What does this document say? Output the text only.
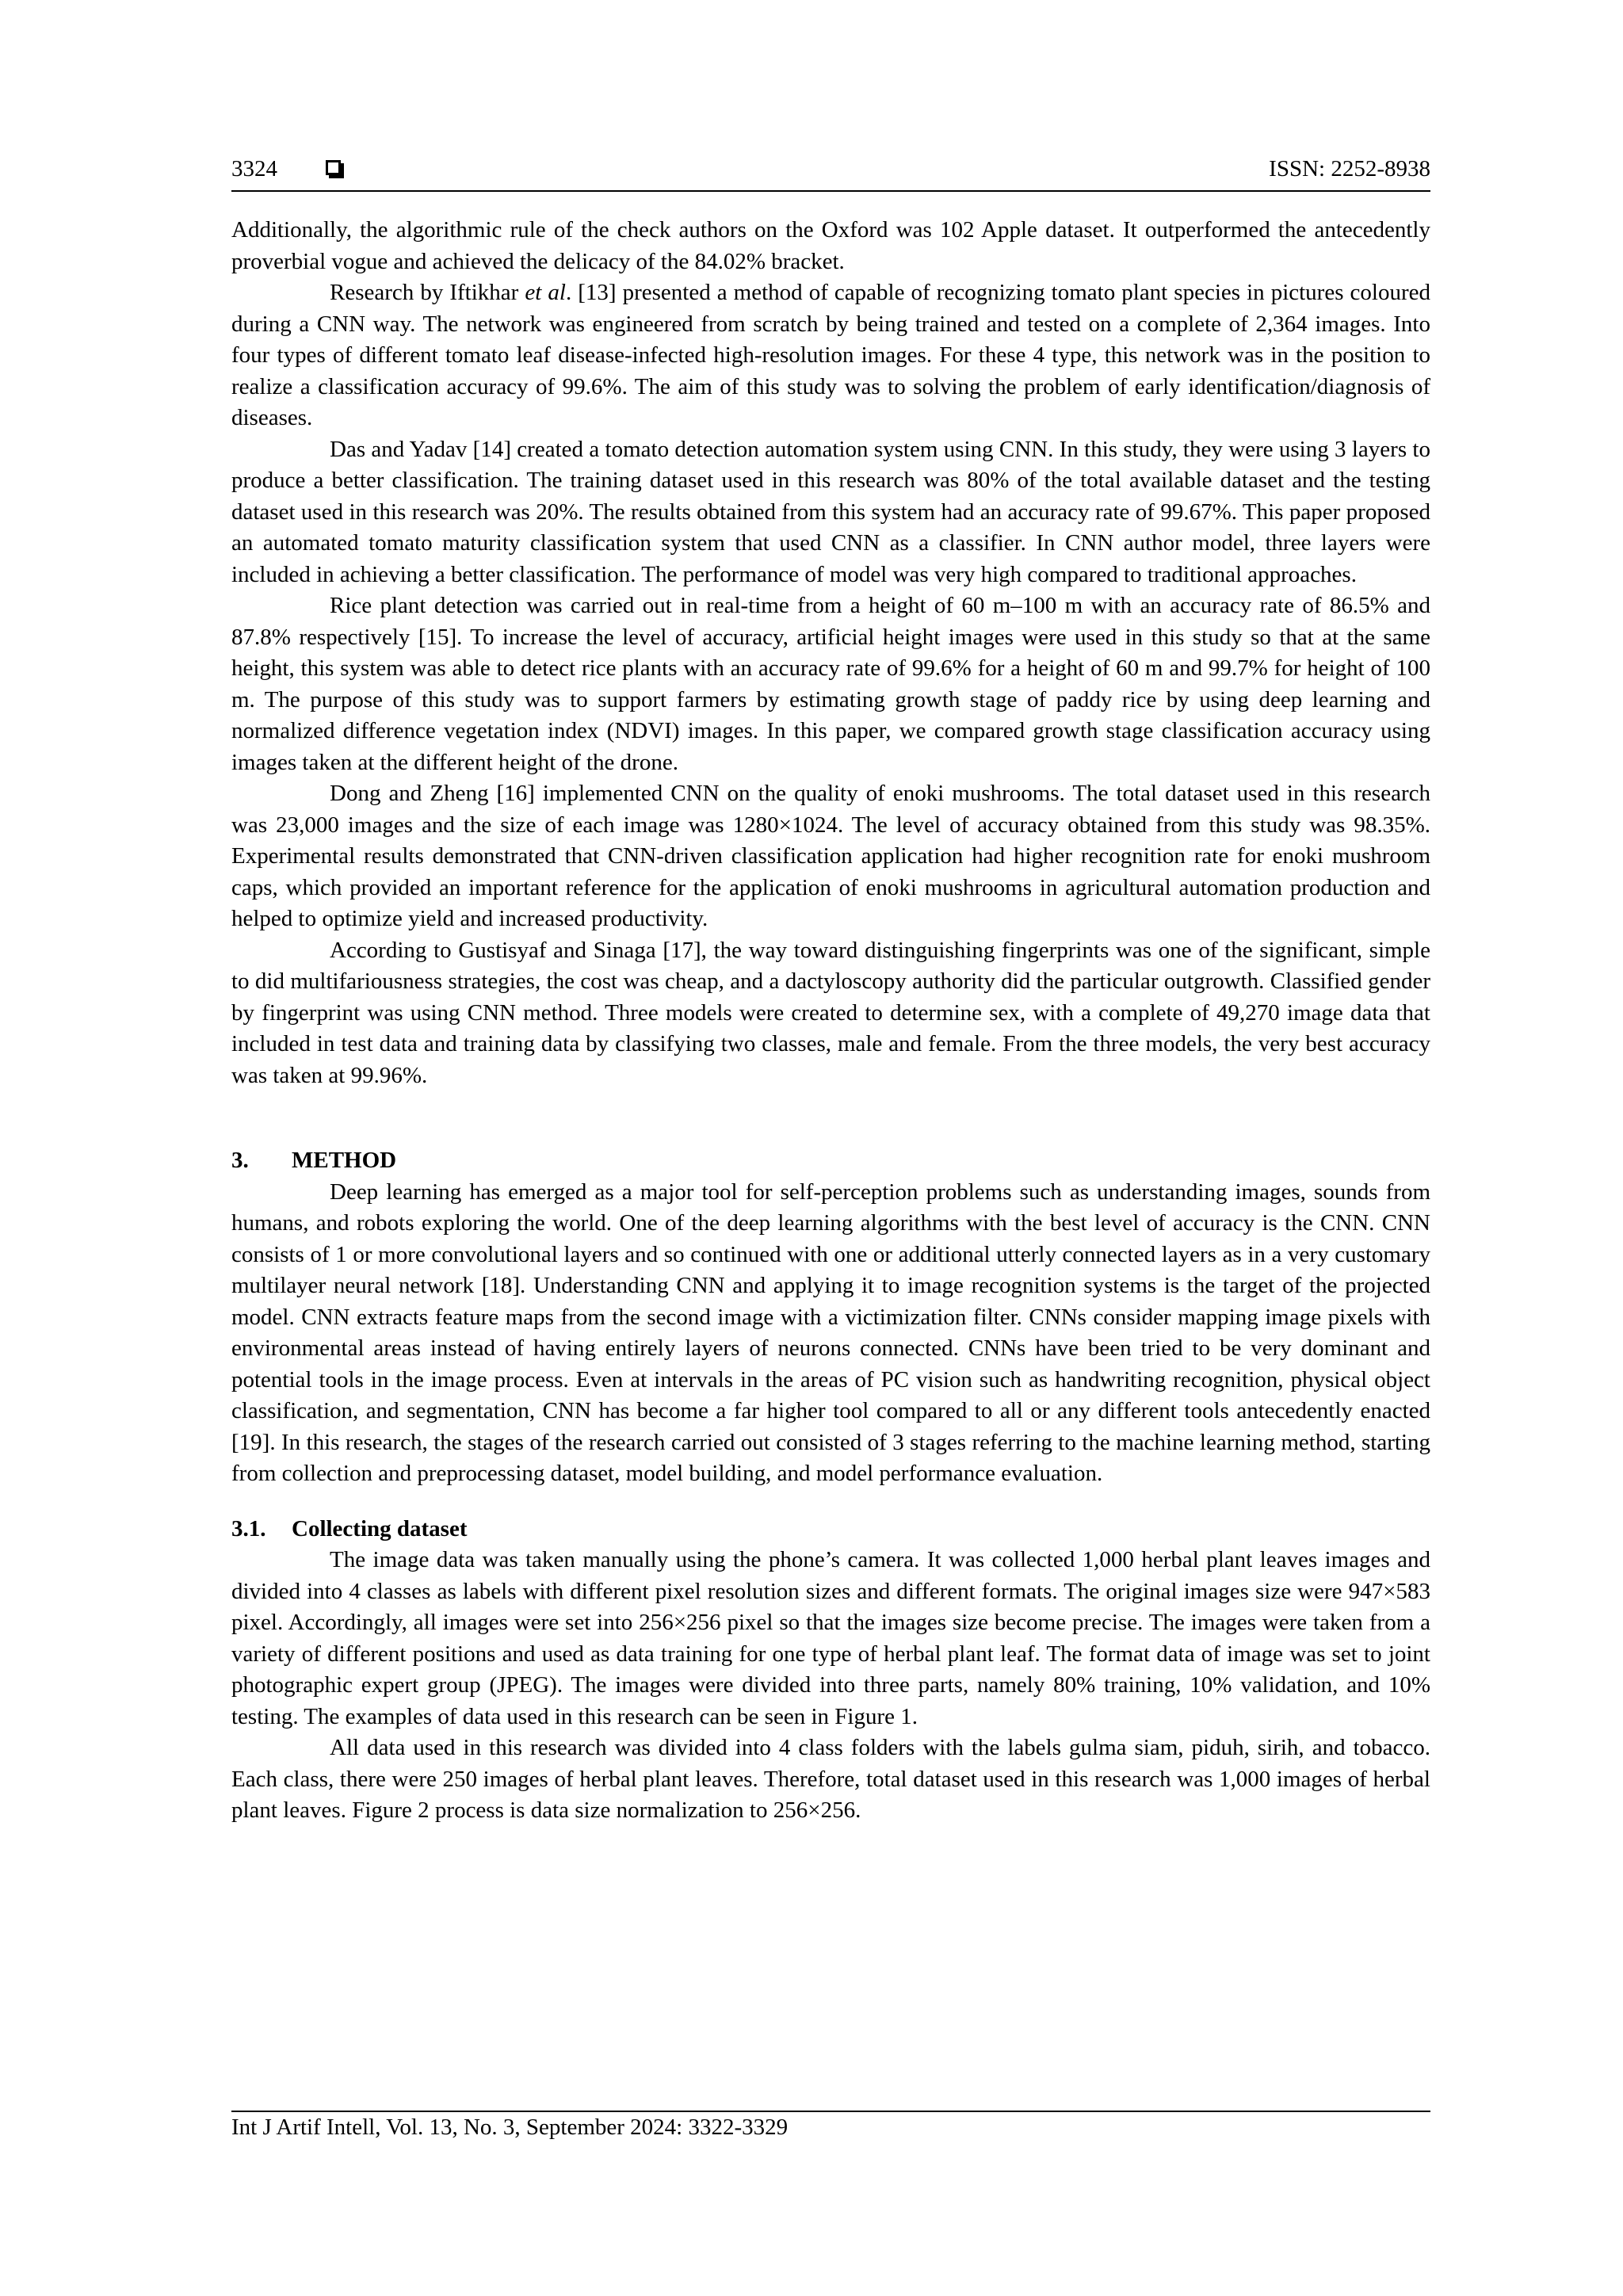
3324	ISSN: 2252-8938

Additionally, the algorithmic rule of the check authors on the Oxford was 102 Apple dataset. It outperformed the antecedently proverbial vogue and achieved the delicacy of the 84.02% bracket.

Research by Iftikhar et al. [13] presented a method of capable of recognizing tomato plant species in pictures coloured during a CNN way. The network was engineered from scratch by being trained and tested on a complete of 2,364 images. Into four types of different tomato leaf disease-infected high-resolution images. For these 4 type, this network was in the position to realize a classification accuracy of 99.6%. The aim of this study was to solving the problem of early identification/diagnosis of diseases.

Das and Yadav [14] created a tomato detection automation system using CNN. In this study, they were using 3 layers to produce a better classification. The training dataset used in this research was 80% of the total available dataset and the testing dataset used in this research was 20%. The results obtained from this system had an accuracy rate of 99.67%. This paper proposed an automated tomato maturity classification system that used CNN as a classifier. In CNN author model, three layers were included in achieving a better classification. The performance of model was very high compared to traditional approaches.

Rice plant detection was carried out in real-time from a height of 60 m–100 m with an accuracy rate of 86.5% and 87.8% respectively [15]. To increase the level of accuracy, artificial height images were used in this study so that at the same height, this system was able to detect rice plants with an accuracy rate of 99.6% for a height of 60 m and 99.7% for height of 100 m. The purpose of this study was to support farmers by estimating growth stage of paddy rice by using deep learning and normalized difference vegetation index (NDVI) images. In this paper, we compared growth stage classification accuracy using images taken at the different height of the drone.

Dong and Zheng [16] implemented CNN on the quality of enoki mushrooms. The total dataset used in this research was 23,000 images and the size of each image was 1280×1024. The level of accuracy obtained from this study was 98.35%. Experimental results demonstrated that CNN-driven classification application had higher recognition rate for enoki mushroom caps, which provided an important reference for the application of enoki mushrooms in agricultural automation production and helped to optimize yield and increased productivity.

According to Gustisyaf and Sinaga [17], the way toward distinguishing fingerprints was one of the significant, simple to did multifariousness strategies, the cost was cheap, and a dactyloscopy authority did the particular outgrowth. Classified gender by fingerprint was using CNN method. Three models were created to determine sex, with a complete of 49,270 image data that included in test data and training data by classifying two classes, male and female. From the three models, the very best accuracy was taken at 99.96%.

3. METHOD

Deep learning has emerged as a major tool for self-perception problems such as understanding images, sounds from humans, and robots exploring the world. One of the deep learning algorithms with the best level of accuracy is the CNN. CNN consists of 1 or more convolutional layers and so continued with one or additional utterly connected layers as in a very customary multilayer neural network [18]. Understanding CNN and applying it to image recognition systems is the target of the projected model. CNN extracts feature maps from the second image with a victimization filter. CNNs consider mapping image pixels with environmental areas instead of having entirely layers of neurons connected. CNNs have been tried to be very dominant and potential tools in the image process. Even at intervals in the areas of PC vision such as handwriting recognition, physical object classification, and segmentation, CNN has become a far higher tool compared to all or any different tools antecedently enacted [19]. In this research, the stages of the research carried out consisted of 3 stages referring to the machine learning method, starting from collection and preprocessing dataset, model building, and model performance evaluation.

3.1. Collecting dataset

The image data was taken manually using the phone’s camera. It was collected 1,000 herbal plant leaves images and divided into 4 classes as labels with different pixel resolution sizes and different formats. The original images size were 947×583 pixel. Accordingly, all images were set into 256×256 pixel so that the images size become precise. The images were taken from a variety of different positions and used as data training for one type of herbal plant leaf. The format data of image was set to joint photographic expert group (JPEG). The images were divided into three parts, namely 80% training, 10% validation, and 10% testing. The examples of data used in this research can be seen in Figure 1.

All data used in this research was divided into 4 class folders with the labels gulma siam, piduh, sirih, and tobacco. Each class, there were 250 images of herbal plant leaves. Therefore, total dataset used in this research was 1,000 images of herbal plant leaves. Figure 2 process is data size normalization to 256×256.

Int J Artif Intell, Vol. 13, No. 3, September 2024: 3322-3329
